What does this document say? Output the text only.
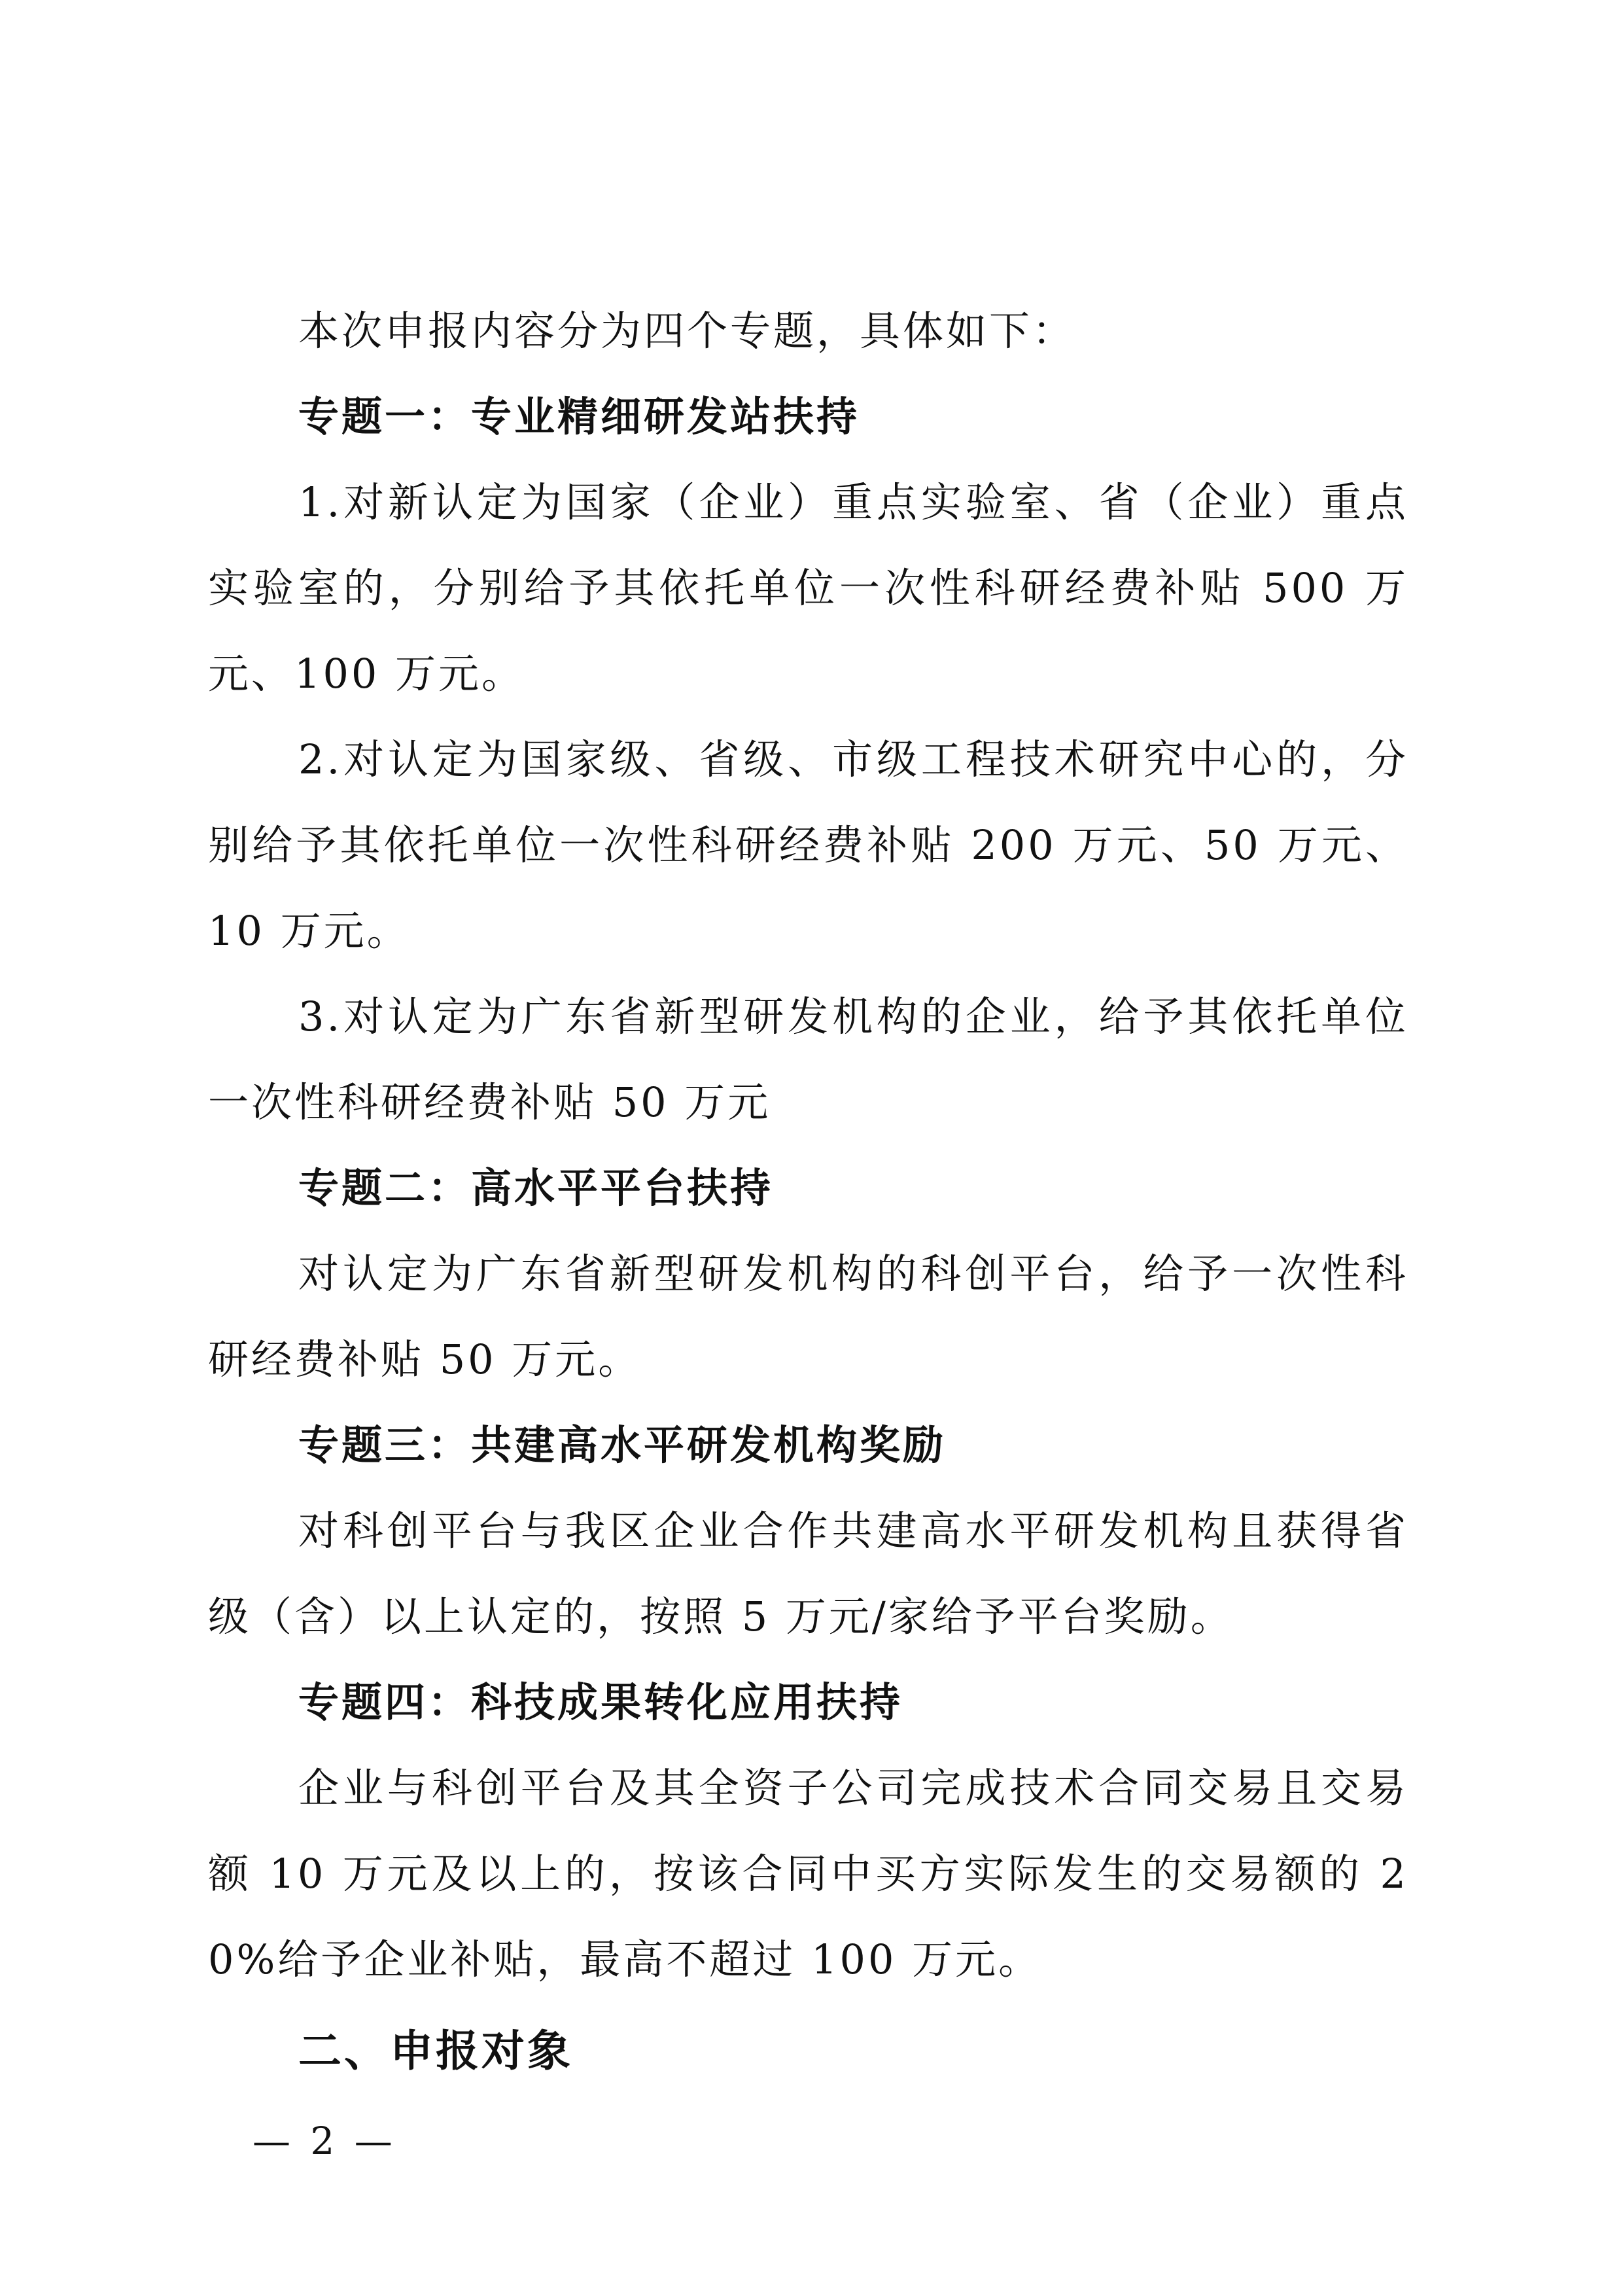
本次申报内容分为四个专题，具体如下：

专题一：专业精细研发站扶持

1.对新认定为国家（企业）重点实验室、省（企业）重点实验室的，分别给予其依托单位一次性科研经费补贴 500 万元、100 万元。

2.对认定为国家级、省级、市级工程技术研究中心的，分别给予其依托单位一次性科研经费补贴 200 万元、50 万元、10 万元。

3.对认定为广东省新型研发机构的企业，给予其依托单位一次性科研经费补贴 50 万元

专题二：高水平平台扶持

对认定为广东省新型研发机构的科创平台，给予一次性科研经费补贴 50 万元。

专题三：共建高水平研发机构奖励

对科创平台与我区企业合作共建高水平研发机构且获得省级（含）以上认定的，按照 5 万元/家给予平台奖励。

专题四：科技成果转化应用扶持

企业与科创平台及其全资子公司完成技术合同交易且交易额 10 万元及以上的，按该合同中买方实际发生的交易额的 20%给予企业补贴，最高不超过 100 万元。

二、申报对象

— 2 —
